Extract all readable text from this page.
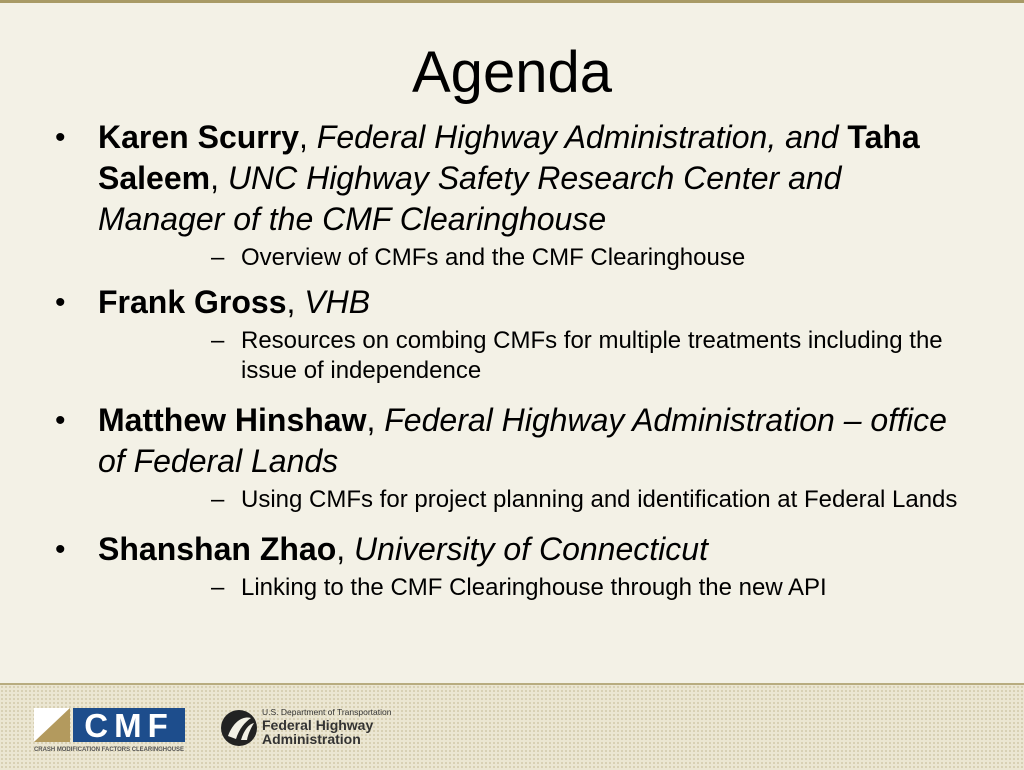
Agenda
• Karen Scurry, Federal Highway Administration, and Taha Saleem, UNC Highway Safety Research Center and Manager of the CMF Clearinghouse
– Overview of CMFs and the CMF Clearinghouse
• Frank Gross, VHB
– Resources on combing CMFs for multiple treatments including the issue of independence
• Matthew Hinshaw, Federal Highway Administration – office of Federal Lands
– Using CMFs for project planning and identification at Federal Lands
• Shanshan Zhao, University of Connecticut
– Linking to the CMF Clearinghouse through the new API
CMF
CRASH MODIFICATION FACTORS CLEARINGHOUSE
U.S. Department of Transportation
Federal Highway
Administration
